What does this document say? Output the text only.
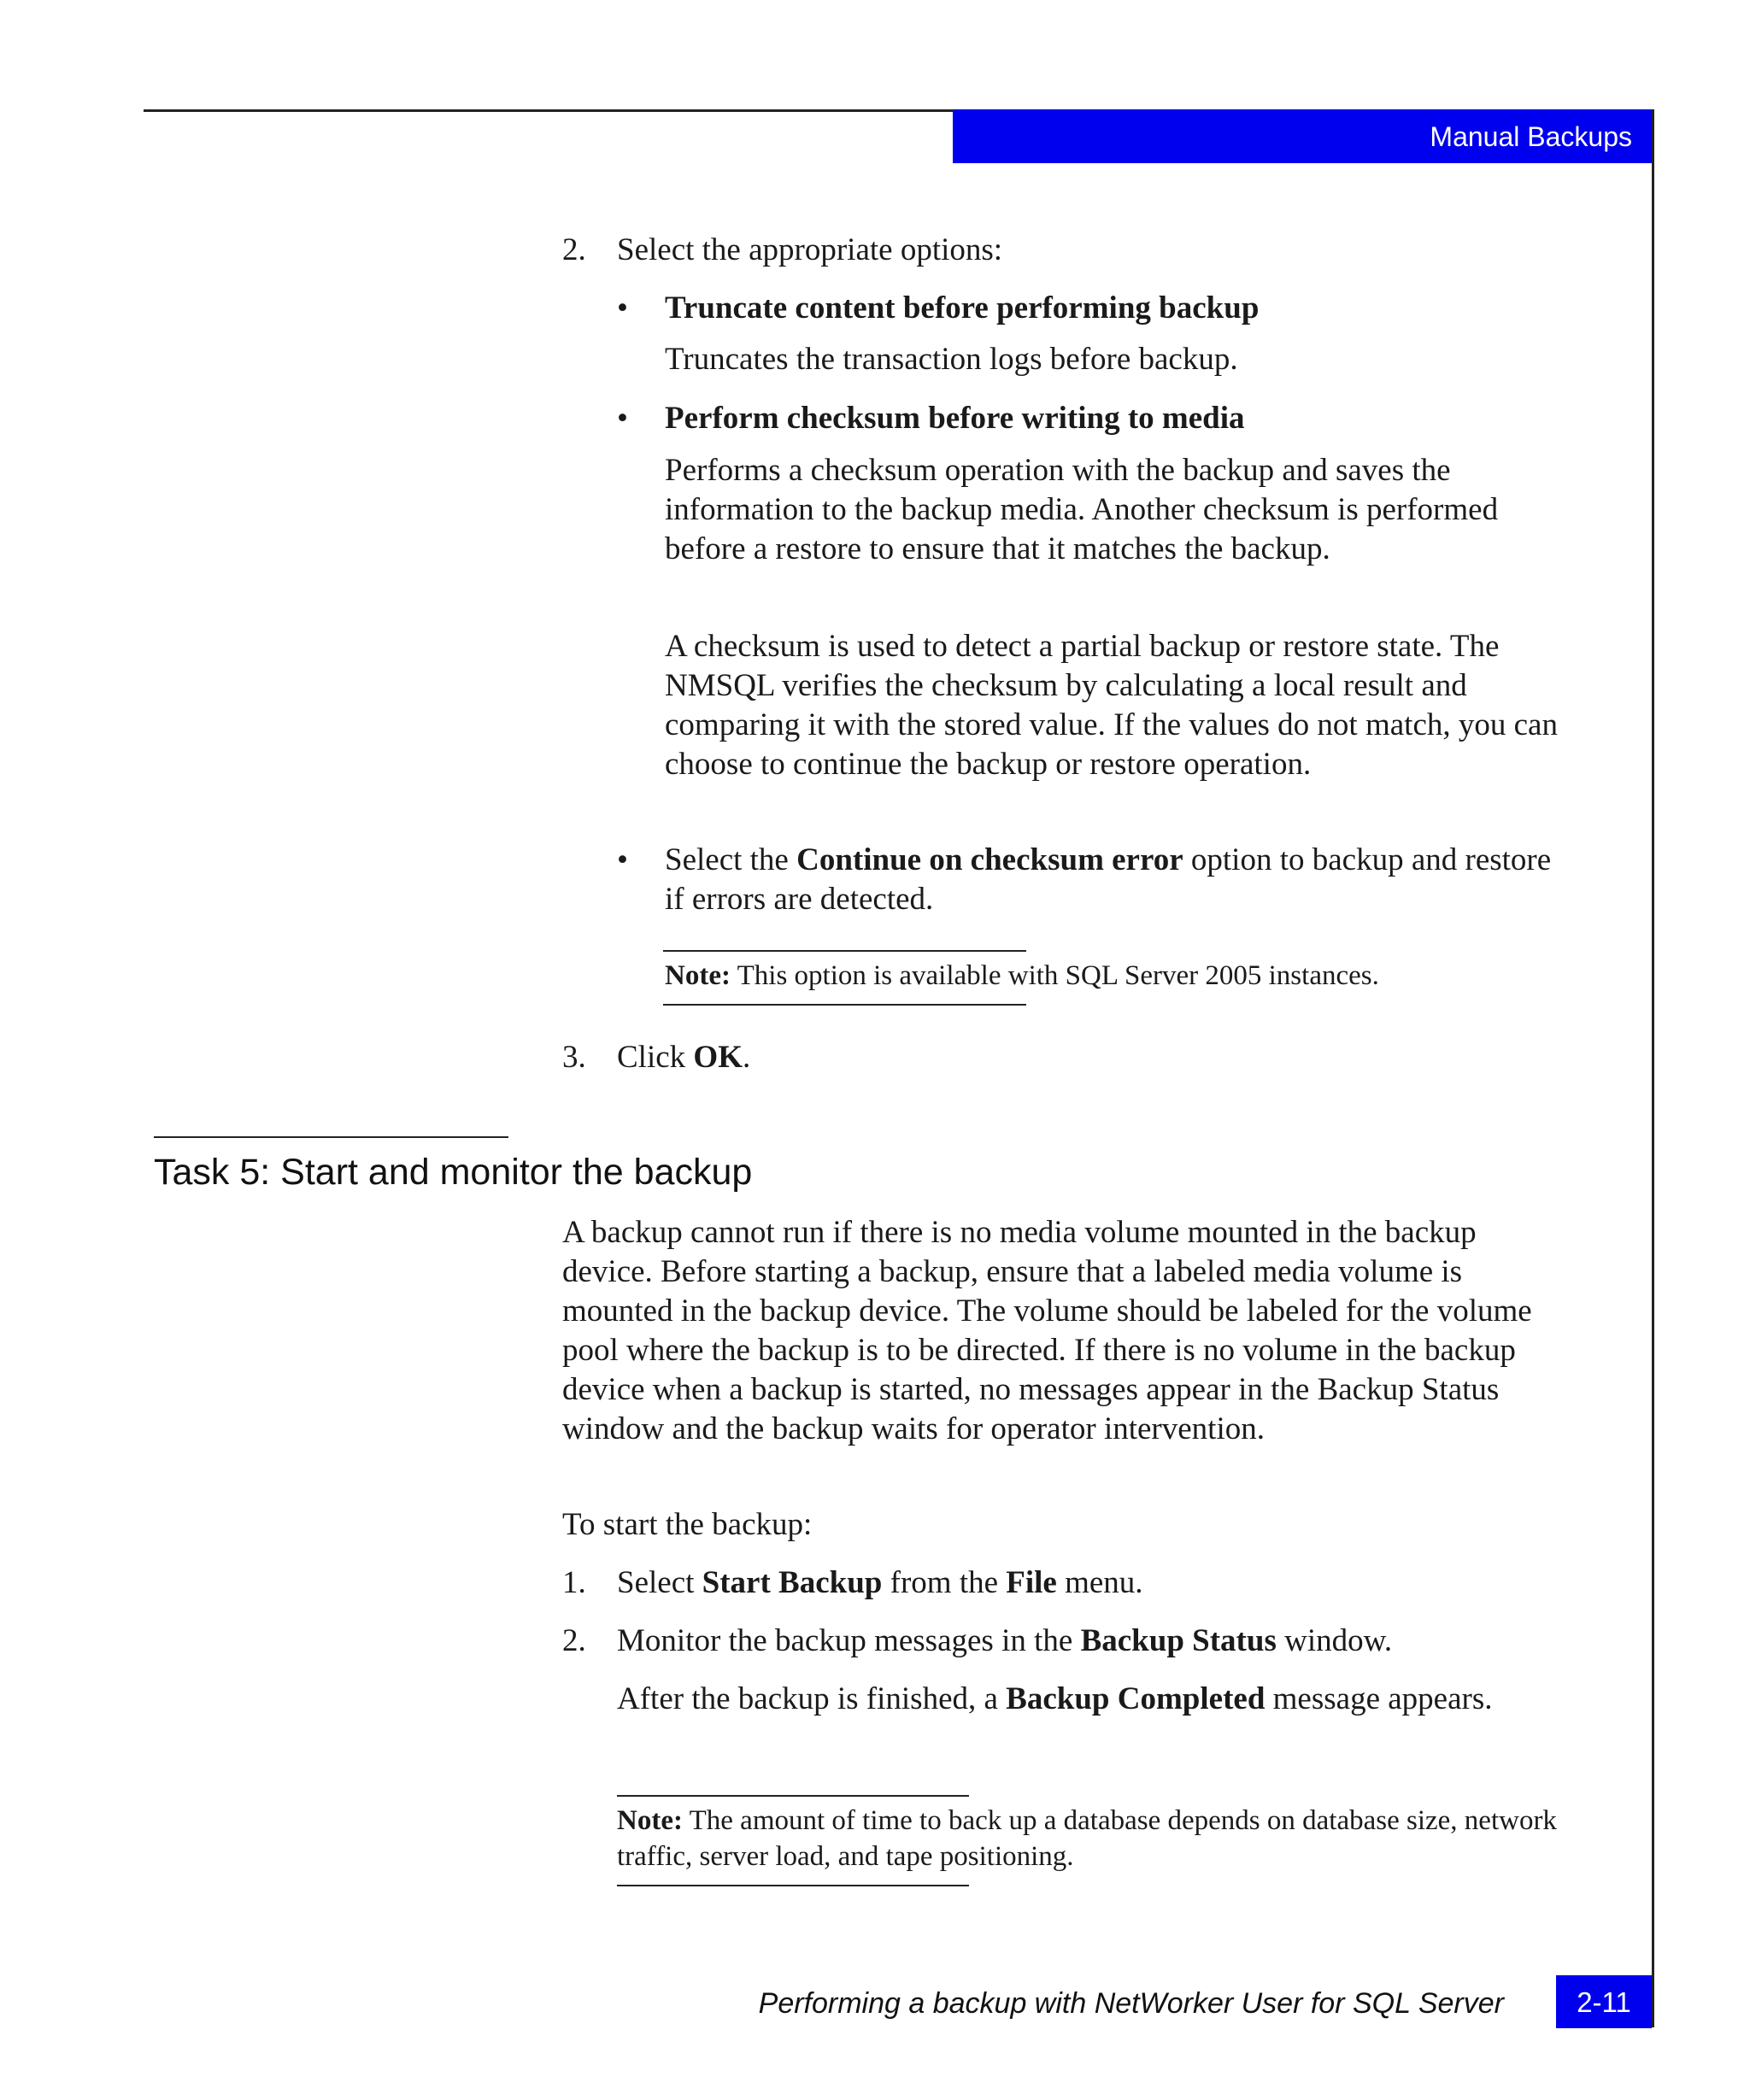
Manual Backups
2. Select the appropriate options:
• Truncate content before performing backup
Truncates the transaction logs before backup.
• Perform checksum before writing to media
Performs a checksum operation with the backup and saves the information to the backup media. Another checksum is performed before a restore to ensure that it matches the backup.
A checksum is used to detect a partial backup or restore state. The NMSQL verifies the checksum by calculating a local result and comparing it with the stored value. If the values do not match, you can choose to continue the backup or restore operation.
• Select the Continue on checksum error option to backup and restore if errors are detected.
Note: This option is available with SQL Server 2005 instances.
3. Click OK.
Task 5: Start and monitor the backup
A backup cannot run if there is no media volume mounted in the backup device. Before starting a backup, ensure that a labeled media volume is mounted in the backup device. The volume should be labeled for the volume pool where the backup is to be directed. If there is no volume in the backup device when a backup is started, no messages appear in the Backup Status window and the backup waits for operator intervention.
To start the backup:
1. Select Start Backup from the File menu.
2. Monitor the backup messages in the Backup Status window.
After the backup is finished, a Backup Completed message appears.
Note: The amount of time to back up a database depends on database size, network traffic, server load, and tape positioning.
Performing a backup with NetWorker User for SQL Server	2-11
